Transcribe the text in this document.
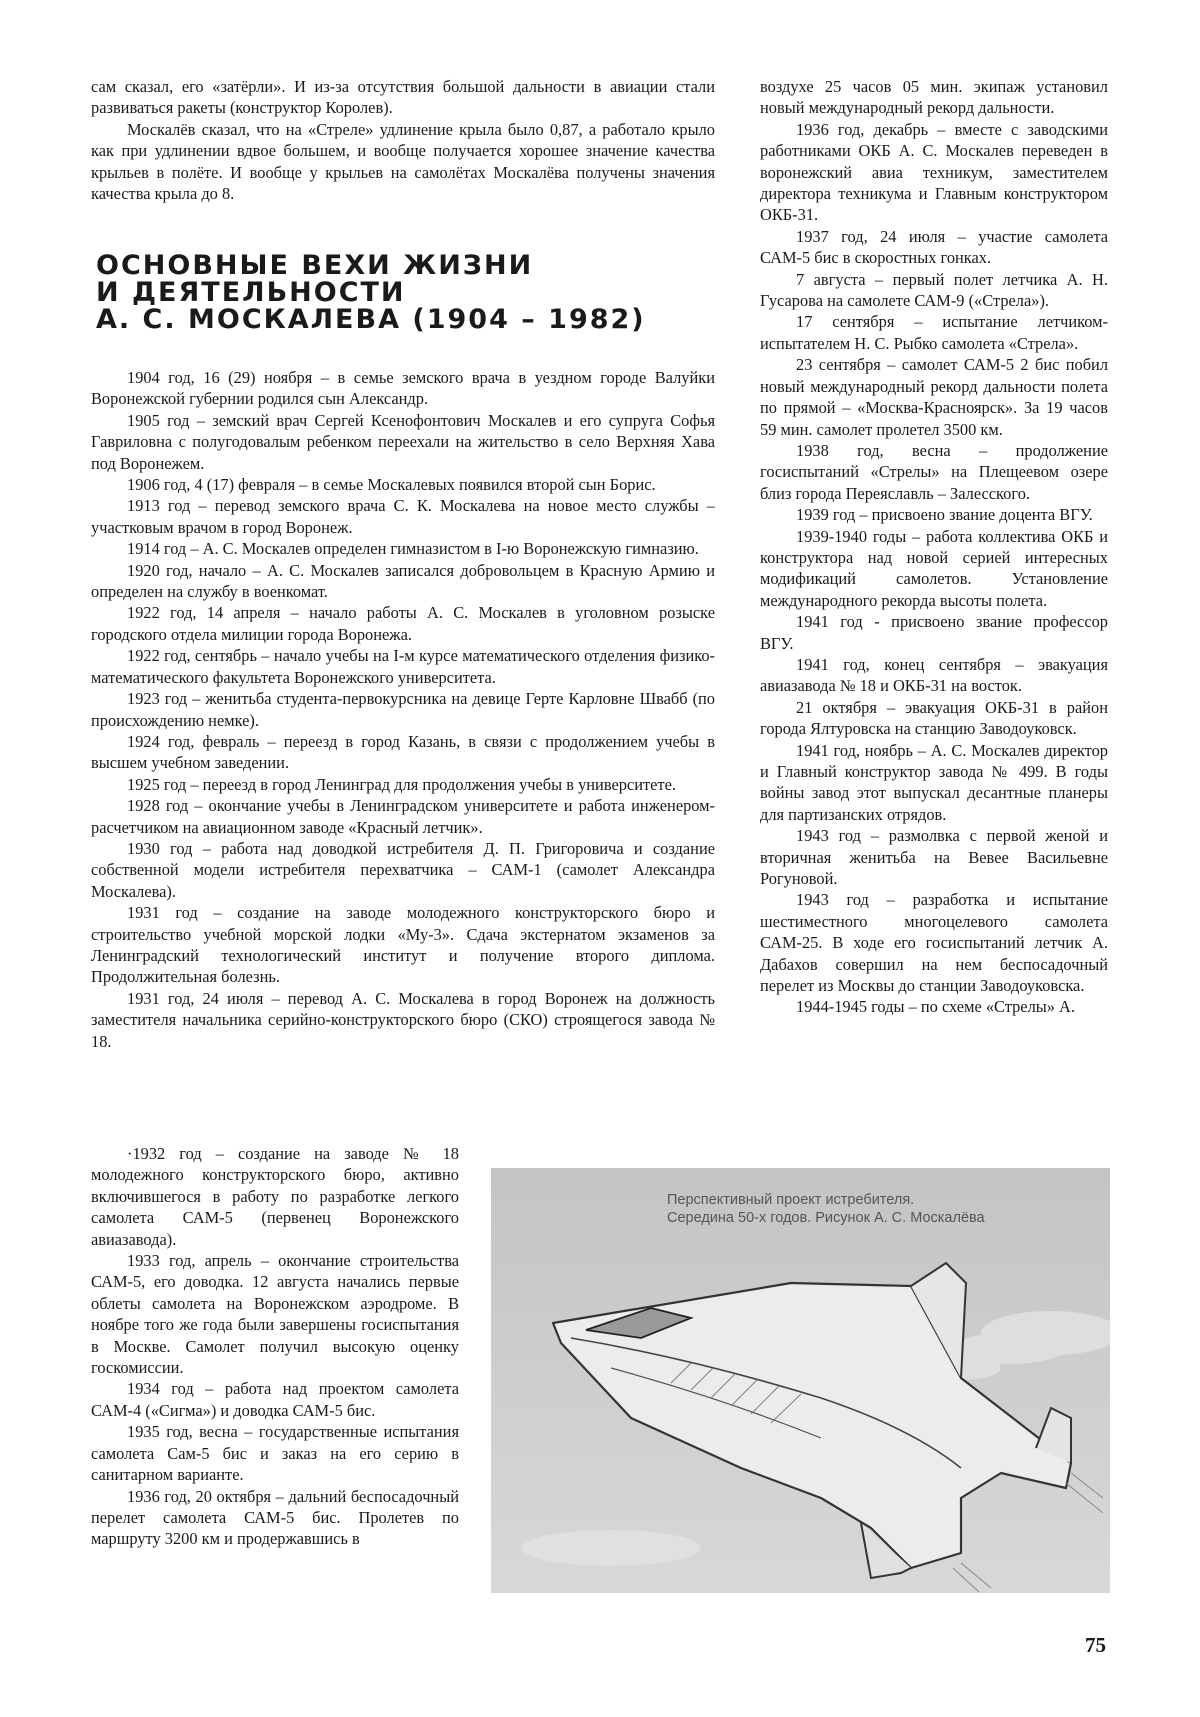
сам сказал, его «затёрли». И из-за отсутствия большой дальности в авиации стали развиваться ракеты (конструктор Королев).

Москалёв сказал, что на «Стреле» удлинение крыла было 0,87, а работало крыло как при удлинении вдвое большем, и вообще получается хорошее значение качества крыльев в полёте. И вообще у крыльев на самолётах Москалёва получены значения качества крыла до 8.

ОСНОВНЫЕ ВЕХИ ЖИЗНИ
И ДЕЯТЕЛЬНОСТИ
А. С. МОСКАЛЕВА (1904 – 1982)

1904 год, 16 (29) ноября – в семье земского врача в уездном городе Валуйки Воронежской губернии родился сын Александр.

1905 год – земский врач Сергей Ксенофонтович Москалев и его супруга Софья Гавриловна с полугодовалым ребенком переехали на жительство в село Верхняя Хава под Воронежем.

1906 год, 4 (17) февраля – в семье Москалевых появился второй сын Борис.

1913 год – перевод земского врача С. К. Москалева на новое место службы – участковым врачом в город Воронеж.

1914 год – А. С. Москалев определен гимназистом в I-ю Воронежскую гимназию.

1920 год, начало – А. С. Москалев записался добровольцем в Красную Армию и определен на службу в военкомат.

1922 год, 14 апреля – начало работы А. С. Москалев в уголовном розыске городского отдела милиции города Воронежа.

1922 год, сентябрь – начало учебы на I-м курсе математического отделения физико-математического факультета Воронежского университета.

1923 год – женитьба студента-первокурсника на девице Герте Карловне Швабб (по происхождению немке).

1924 год, февраль – переезд в город Казань, в связи с продолжением учебы в высшем учебном заведении.

1925 год – переезд в город Ленинград для продолжения учебы в университете.

1928 год – окончание учебы в Ленинградском университете и работа инженером-расчетчиком на авиационном заводе «Красный летчик».

1930 год – работа над доводкой истребителя Д. П. Григоровича и создание собственной модели истребителя перехватчика – САМ-1 (самолет Александра Москалева).

1931 год – создание на заводе молодежного конструкторского бюро и строительство учебной морской лодки «Му-3». Сдача экстернатом экзаменов за Ленинградский технологический институт и получение второго диплома. Продолжительная болезнь.

1931 год, 24 июля – перевод А. С. Москалева в город Воронеж на должность заместителя начальника серийно-конструкторского бюро (СКО) строящегося завода № 18.

·1932 год – создание на заводе № 18 молодежного конструкторского бюро, активно включившегося в работу по разработке легкого самолета САМ-5 (первенец Воронежского авиазавода).

1933 год, апрель – окончание строительства САМ-5, его доводка. 12 августа начались первые облеты самолета на Воронежском аэродроме. В ноябре того же года были завершены госиспытания в Москве. Самолет получил высокую оценку госкомиссии.

1934 год – работа над проектом самолета САМ-4 («Сигма») и доводка САМ-5 бис.

1935 год, весна – государственные испытания самолета Сам-5 бис и заказ на его серию в санитарном варианте.

1936 год, 20 октября – дальний беспосадочный перелет самолета САМ-5 бис. Пролетев по маршруту 3200 км и продержавшись в

воздухе 25 часов 05 мин. экипаж установил новый международный рекорд дальности.

1936 год, декабрь – вместе с заводскими работниками ОКБ А. С. Москалев переведен в воронежский авиа техникум, заместителем директора техникума и Главным конструктором ОКБ-31.

1937 год, 24 июля – участие самолета САМ-5 бис в скоростных гонках.

7 августа – первый полет летчика А. Н. Гусарова на самолете САМ-9 («Стрела»).

17 сентября – испытание летчиком-испытателем Н. С. Рыбко самолета «Стрела».

23 сентября – самолет САМ-5 2 бис побил новый международный рекорд дальности полета по прямой – «Москва-Красноярск». За 19 часов 59 мин. самолет пролетел 3500 км.

1938 год, весна – продолжение госиспытаний «Стрелы» на Плещеевом озере близ города Переяславль – Залесского.

1939 год – присвоено звание доцента ВГУ.

1939-1940 годы – работа коллектива ОКБ и конструктора над новой серией интересных модификаций самолетов. Установление международного рекорда высоты полета.

1941 год - присвоено звание профессор ВГУ.

1941 год, конец сентября – эвакуация авиазавода № 18 и ОКБ-31 на восток.

21 октября – эвакуация ОКБ-31 в район города Ялтуровска на станцию Заводоуковск.

1941 год, ноябрь – А. С. Москалев директор и Главный конструктор завода № 499. В годы войны завод этот выпускал десантные планеры для партизанских отрядов.

1943 год – размолвка с первой женой и вторичная женитьба на Вевее Васильевне Рогуновой.

1943 год – разработка и испытание шестиместного многоцелевого самолета САМ-25. В ходе его госиспытаний летчик А. Дабахов совершил на нем беспосадочный перелет из Москвы до станции Заводоуковска.

1944-1945 годы – по схеме «Стрелы» А.

Перспективный проект истребителя.
Середина 50-х годов. Рисунок А. С. Москалёва
75
